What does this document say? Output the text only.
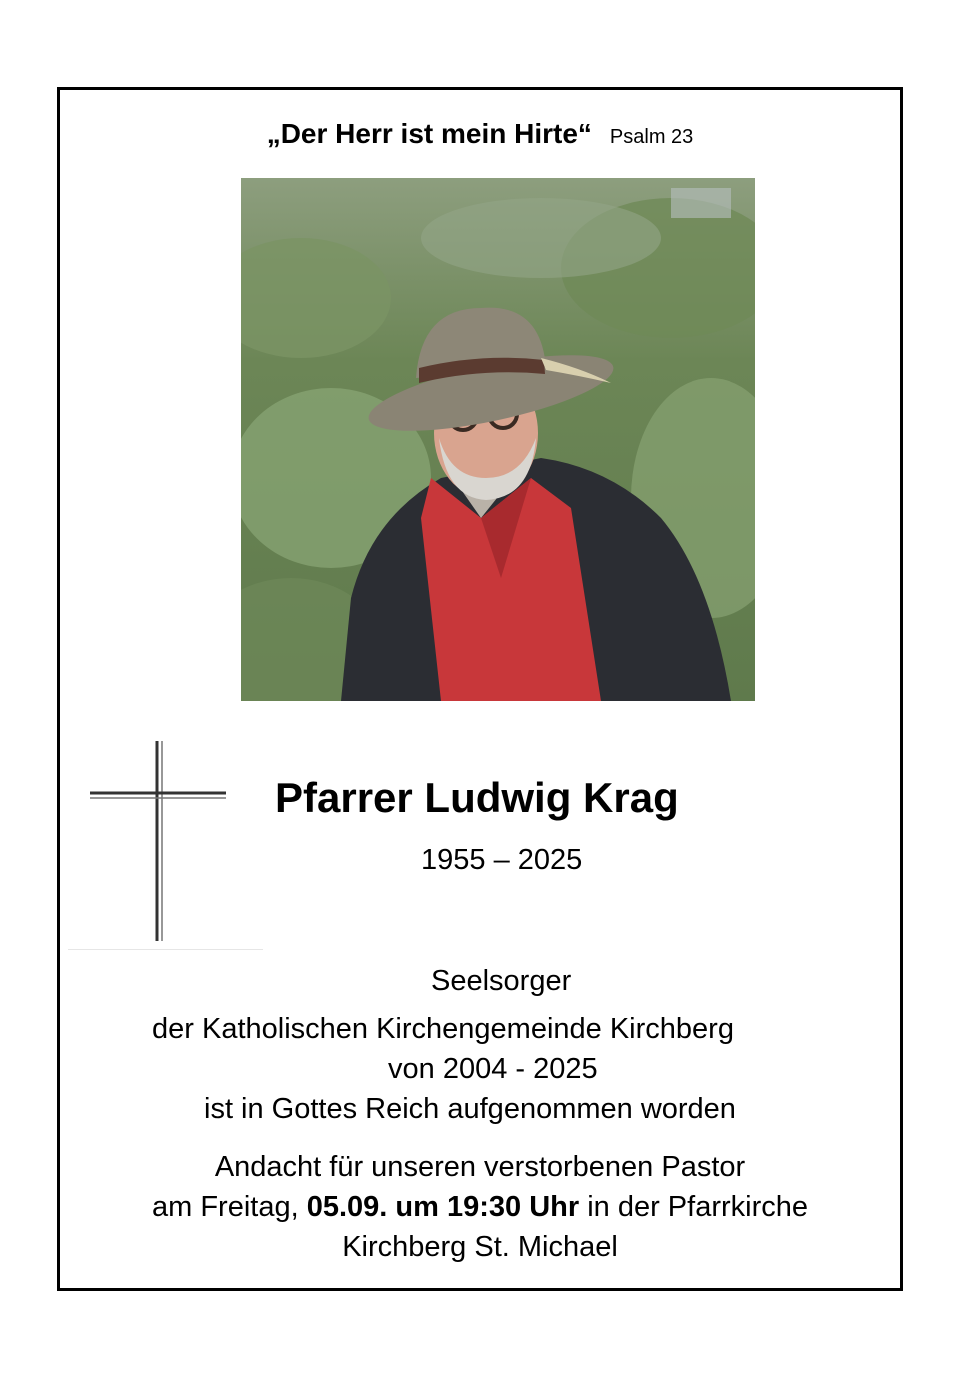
„Der Herr ist mein Hirte“ Psalm 23
Pfarrer Ludwig Krag
1955 – 2025
Seelsorger
der Katholischen Kirchengemeinde Kirchberg
von 2004 - 2025
ist in Gottes Reich aufgenommen worden
Andacht für unseren verstorbenen Pastor
am Freitag, 05.09. um 19:30 Uhr in der Pfarrkirche
Kirchberg St. Michael
